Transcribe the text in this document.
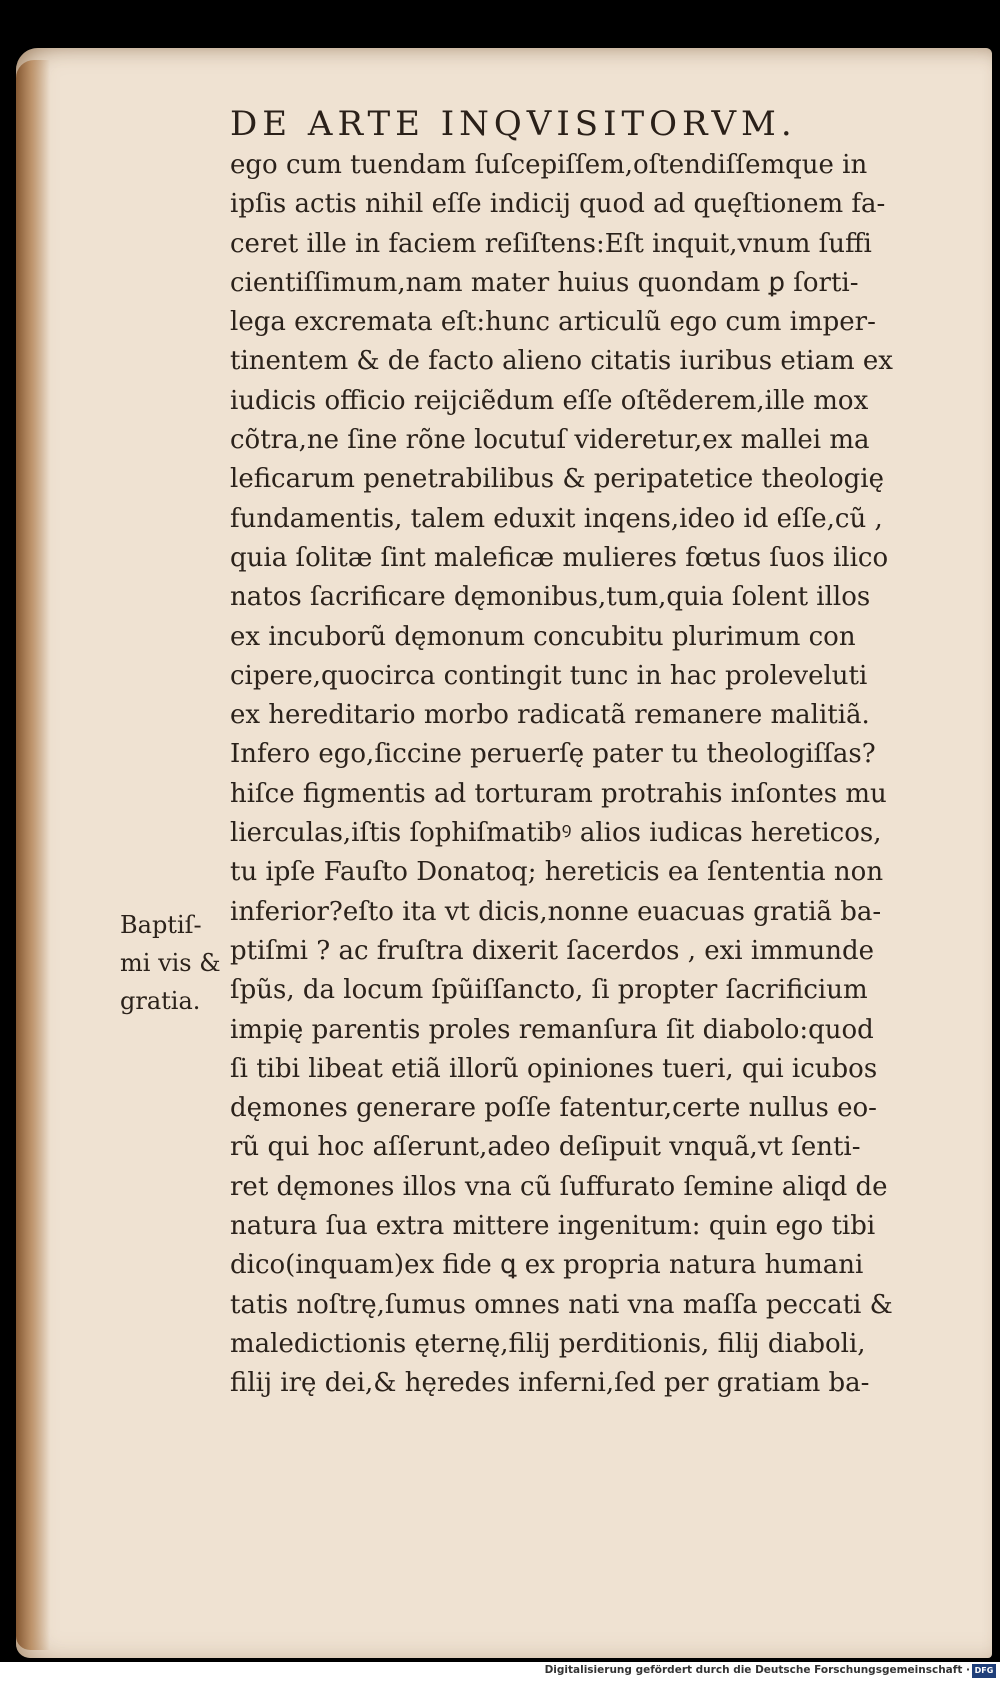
DE ARTE INQVISITORVM.
ego cum tuendam ſuſcepiſſem,oſtendiſſemque in
ipſis actis nihil eſſe indicij quod ad quęſtionem fa-
ceret ille in faciem reſiſtens:Eſt inquit,vnum ſuffi
cientiſſimum,nam mater huius quondam ꝑ ſorti-
lega excremata eſt:hunc articulũ ego cum imper-
tinentem & de facto alieno citatis iuribus etiam ex
iudicis officio reijciẽdum eſſe oſtẽderem,ille mox
cõtra,ne ſine rõne locutuſ videretur,ex mallei ma
leficarum penetrabilibus & peripatetice theologię
fundamentis, talem eduxit inqens,ideo id eſſe,cũ ,
quia ſolitæ ſint maleficæ mulieres fœtus ſuos ilico
natos ſacrificare dęmonibus,tum,quia ſolent illos
ex incuborũ dęmonum concubitu plurimum con
cipere,quocirca contingit tunc in hac proleveluti
ex hereditario morbo radicatã remanere malitiã.
Infero ego,ſiccine peruerſę pater tu theologiſſas?
hiſce figmentis ad torturam protrahis inſontes mu
lierculas,iſtis ſophiſmatibꝰ alios iudicas hereticos,
tu ipſe Fauſto Donatoq; hereticis ea ſententia non
inferior?eſto ita vt dicis,nonne euacuas gratiã ba-
ptiſmi ? ac fruſtra dixerit ſacerdos , exi immunde
ſpũs, da locum ſpũiſſancto, ſi propter ſacrificium
impię parentis proles remanſura ſit diabolo:quod
ſi tibi libeat etiã illorũ opiniones tueri, qui icubos
dęmones generare poſſe fatentur,certe nullus eo-
rũ qui hoc aſſerunt,adeo deſipuit vnquã,vt ſenti-
ret dęmones illos vna cũ ſuffurato ſemine aliqd de
natura ſua extra mittere ingenitum: quin ego tibi
dico(inquam)ex fide ꝗ ex propria natura humani
tatis noſtrę,ſumus omnes nati vna maſſa peccati &
maledictionis ęternę,filij perditionis, filij diaboli,
filij irę dei,& hęredes inferni,ſed per gratiam ba-
Baptiſ-
mi vis &
gratia.
Digitalisierung gefördert durch die Deutsche Forschungsgemeinschaft · DFG
